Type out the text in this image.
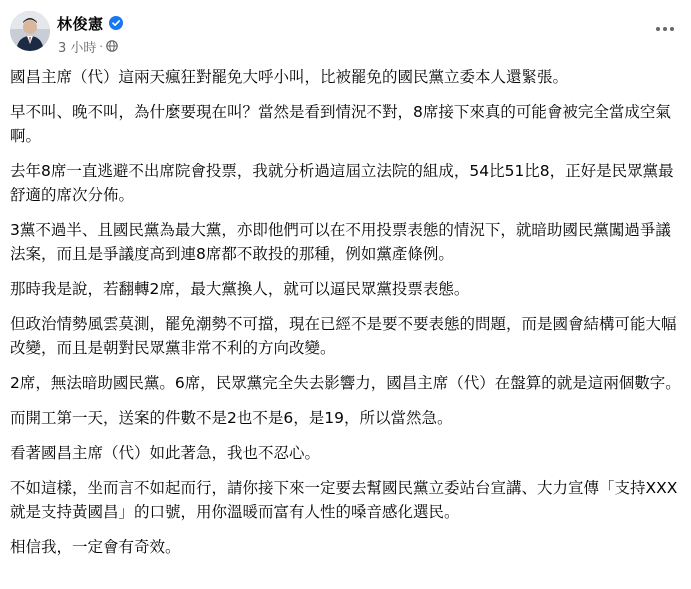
林俊憲
3 小時 ·

國昌主席（代）這兩天瘋狂對罷免大呼小叫，比被罷免的國民黨立委本人還緊張。

早不叫、晚不叫，為什麼要現在叫？當然是看到情況不對，8席接下來真的可能會被完全當成空氣啊。

去年8席一直逃避不出席院會投票，我就分析過這屆立法院的組成，54比51比8，正好是民眾黨最舒適的席次分佈。

3黨不過半、且國民黨為最大黨，亦即他們可以在不用投票表態的情況下，就暗助國民黨闖過爭議法案，而且是爭議度高到連8席都不敢投的那種，例如黨產條例。

那時我是說，若翻轉2席，最大黨換人，就可以逼民眾黨投票表態。

但政治情勢風雲莫測，罷免潮勢不可擋，現在已經不是要不要表態的問題，而是國會結構可能大幅改變，而且是朝對民眾黨非常不利的方向改變。

2席，無法暗助國民黨。6席，民眾黨完全失去影響力，國昌主席（代）在盤算的就是這兩個數字。

而開工第一天，送案的件數不是2也不是6，是19，所以當然急。

看著國昌主席（代）如此著急，我也不忍心。

不如這樣，坐而言不如起而行，請你接下來一定要去幫國民黨立委站台宣講、大力宣傳「支持XXX就是支持黃國昌」的口號，用你溫暖而富有人性的嗓音感化選民。

相信我，一定會有奇效。
